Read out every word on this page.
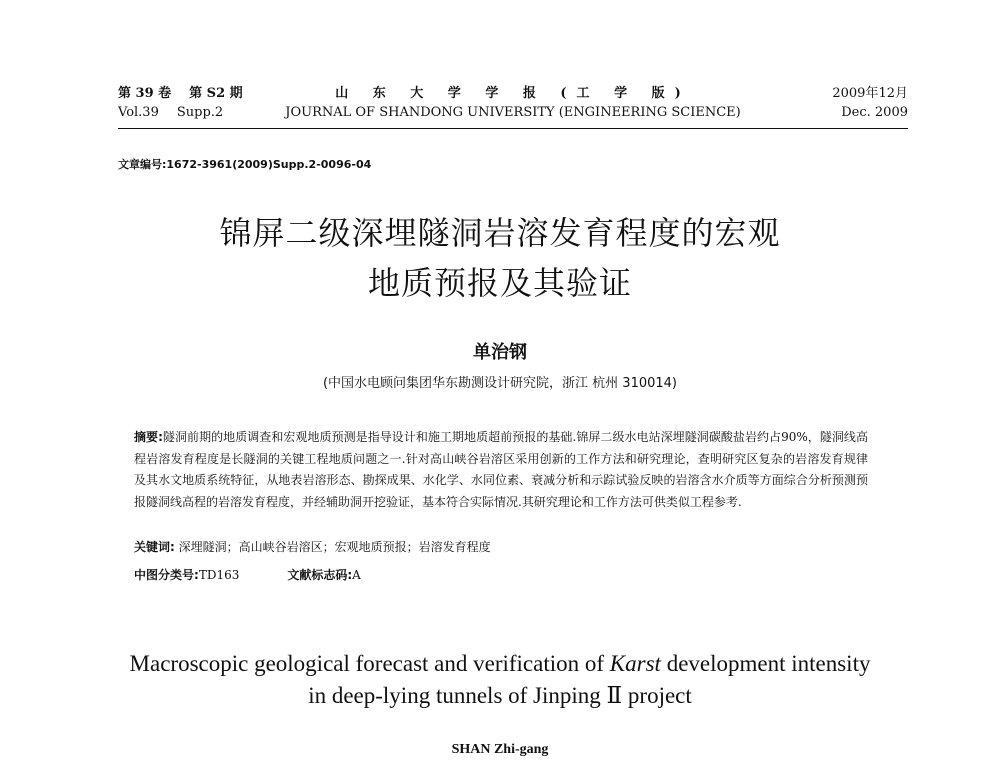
第 39 卷 第 S2 期
Vol.39 Supp.2
山 东 大 学 学 报 (工 学 版)
JOURNAL OF SHANDONG UNIVERSITY (ENGINEERING SCIENCE)
2009年12月
Dec. 2009
文章编号:1672-3961(2009)Supp.2-0096-04
锦屏二级深埋隧洞岩溶发育程度的宏观
地质预报及其验证
单治钢
(中国水电顾问集团华东勘测设计研究院，浙江 杭州 310014)
摘要:隧洞前期的地质调查和宏观地质预测是指导设计和施工期地质超前预报的基础.锦屏二级水电站深埋隧洞碳酸盐岩约占90%，隧洞线高程岩溶发育程度是长隧洞的关键工程地质问题之一.针对高山峡谷岩溶区采用创新的工作方法和研究理论，查明研究区复杂的岩溶发育规律及其水文地质系统特征，从地表岩溶形态、勘探成果、水化学、水同位素、衰减分析和示踪试验反映的岩溶含水介质等方面综合分析预测预报隧洞线高程的岩溶发育程度，并经辅助洞开挖验证，基本符合实际情况.其研究理论和工作方法可供类似工程参考.
关键词: 深埋隧洞；高山峡谷岩溶区；宏观地质预报；岩溶发育程度
中图分类号:TD163	文献标志码:A
Macroscopic geological forecast and verification of Karst development intensity
in deep-lying tunnels of Jinping Ⅱ project
SHAN Zhi-gang
